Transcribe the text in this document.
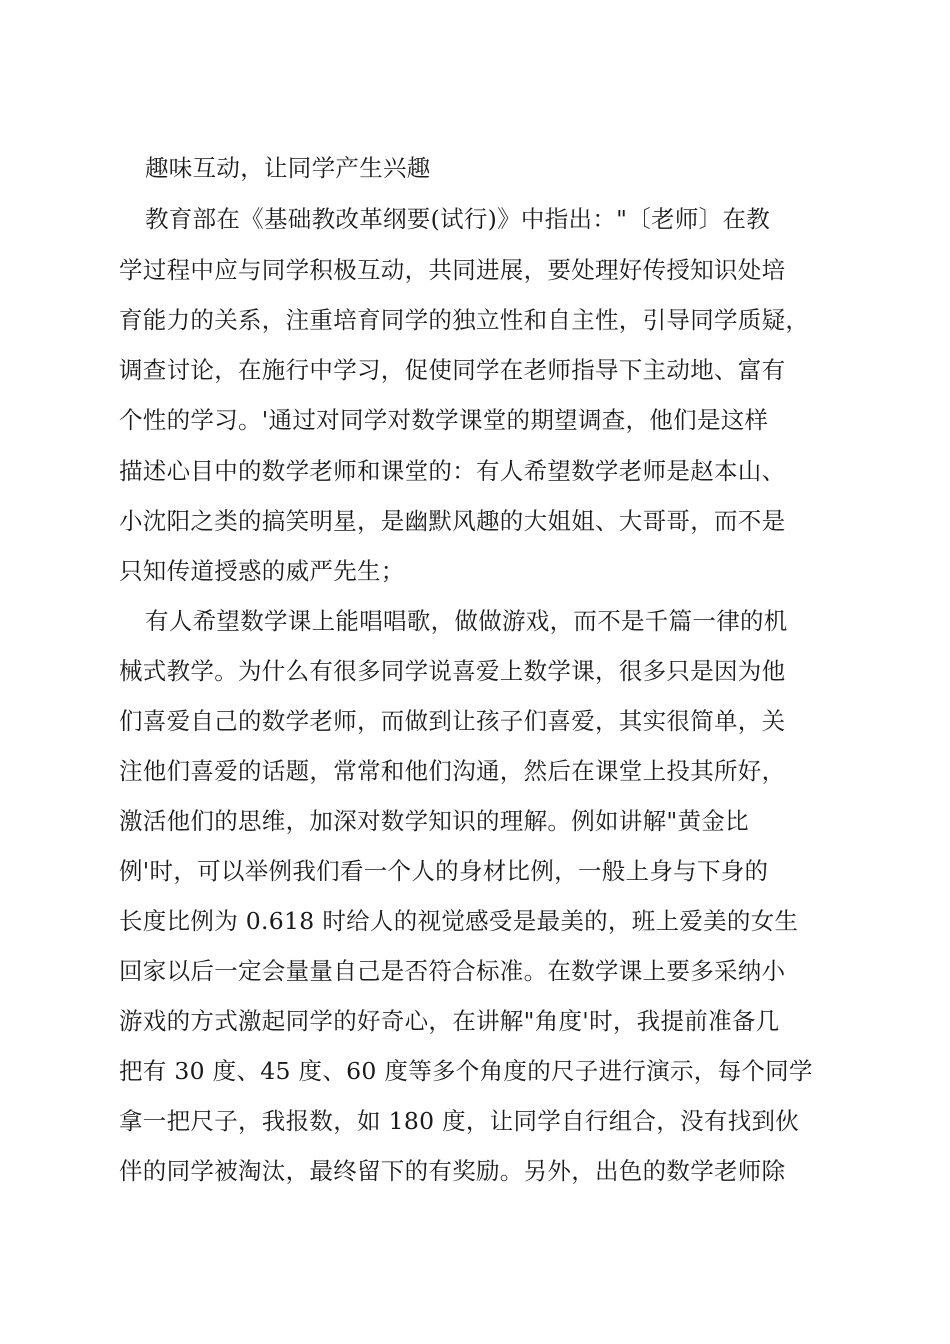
趣味互动，让同学产生兴趣
教育部在《基础教改革纲要(试行)》中指出："〔老师〕在教
学过程中应与同学积极互动，共同进展，要处理好传授知识处培
育能力的关系，注重培育同学的独立性和自主性，引导同学质疑，
调查讨论，在施行中学习，促使同学在老师指导下主动地、富有
个性的学习。'通过对同学对数学课堂的期望调查，他们是这样
描述心目中的数学老师和课堂的：有人希望数学老师是赵本山、
小沈阳之类的搞笑明星，是幽默风趣的大姐姐、大哥哥，而不是
只知传道授惑的威严先生；
有人希望数学课上能唱唱歌，做做游戏，而不是千篇一律的机
械式教学。为什么有很多同学说喜爱上数学课，很多只是因为他
们喜爱自己的数学老师，而做到让孩子们喜爱，其实很简单，关
注他们喜爱的话题，常常和他们沟通，然后在课堂上投其所好，
激活他们的思维，加深对数学知识的理解。例如讲解"黄金比
例'时，可以举例我们看一个人的身材比例，一般上身与下身的
长度比例为 0.618 时给人的视觉感受是最美的，班上爱美的女生
回家以后一定会量量自己是否符合标准。在数学课上要多采纳小
游戏的方式激起同学的好奇心，在讲解"角度'时，我提前准备几
把有 30 度、45 度、60 度等多个角度的尺子进行演示，每个同学
拿一把尺子，我报数，如 180 度，让同学自行组合，没有找到伙
伴的同学被淘汰，最终留下的有奖励。另外，出色的数学老师除
